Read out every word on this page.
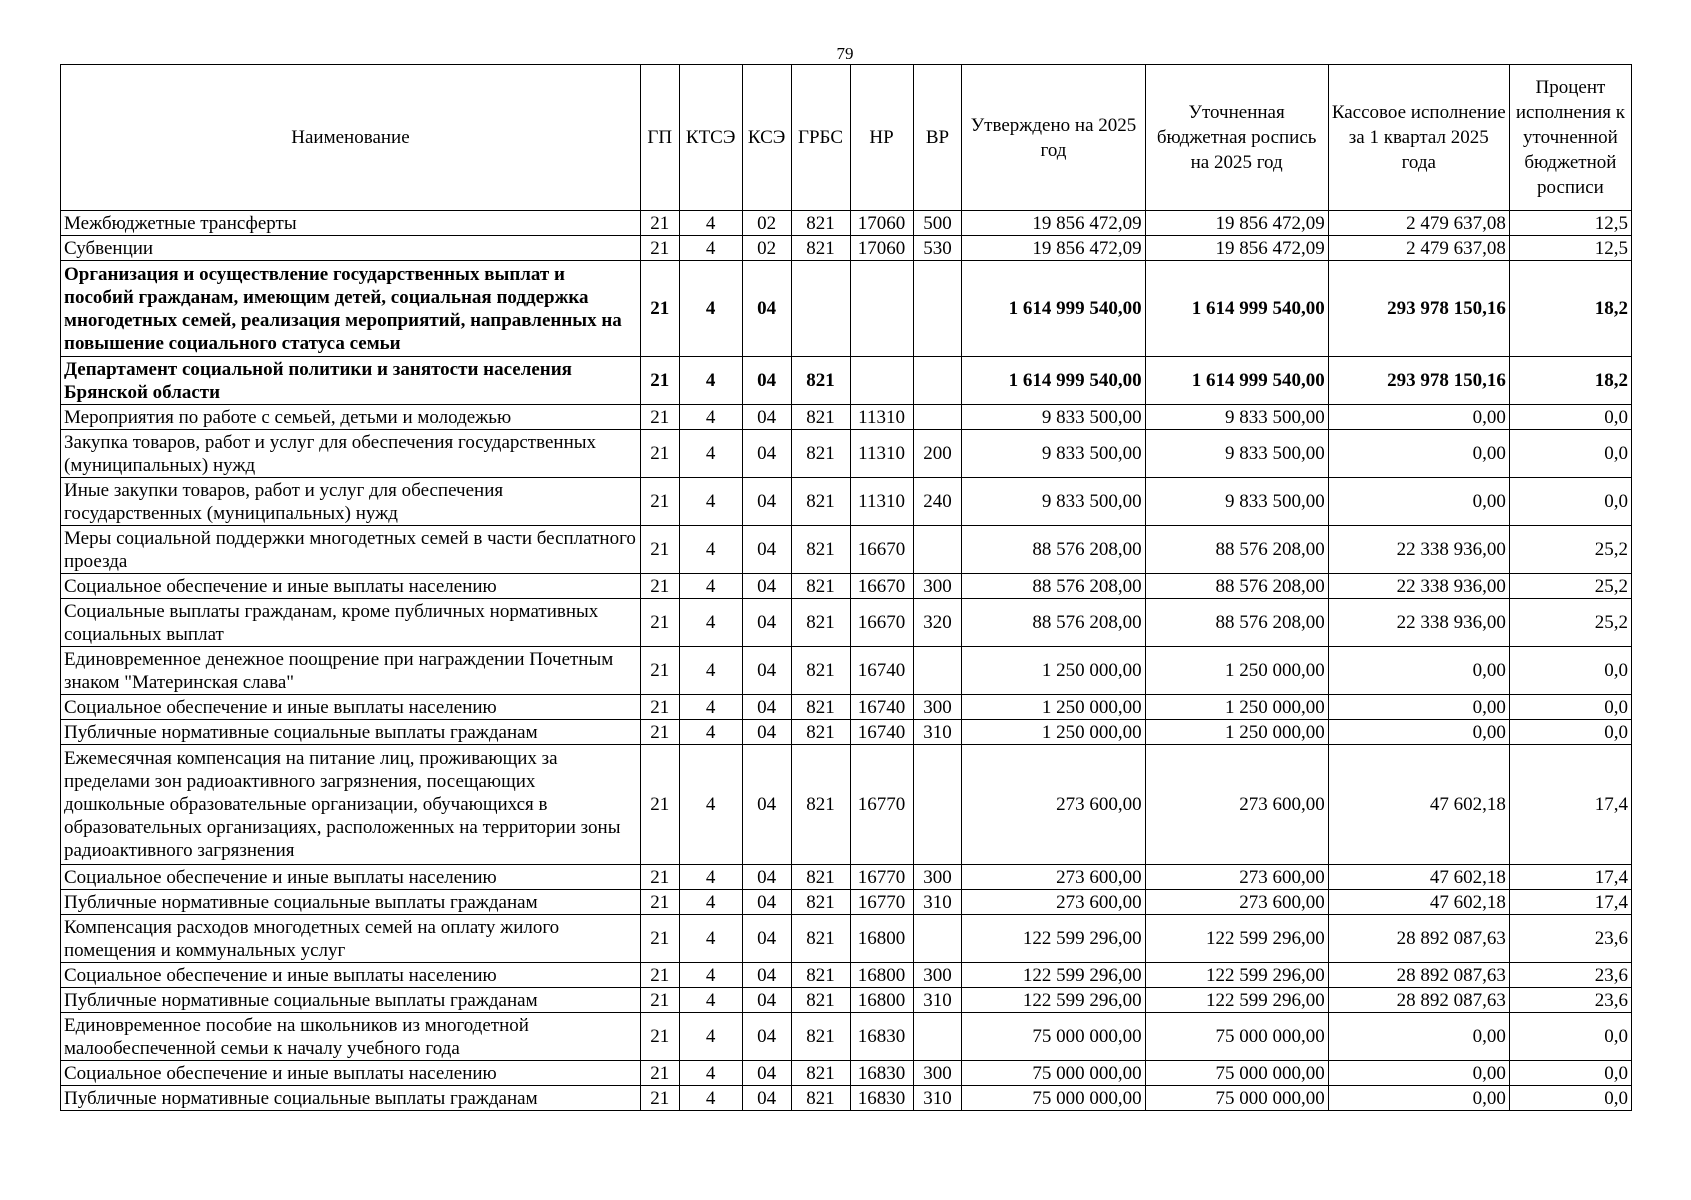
79
Наименование	ГП	КТСЭ	КСЭ	ГРБС	НР	ВР	Утверждено на 2025 год	Уточненная бюджетная роспись на 2025 год	Кассовое исполнение за 1 квартал 2025 года	Процент исполнения к уточненной бюджетной росписи
Межбюджетные трансферты	21	4	02	821	17060	500	19 856 472,09	19 856 472,09	2 479 637,08	12,5
Субвенции	21	4	02	821	17060	530	19 856 472,09	19 856 472,09	2 479 637,08	12,5
Организация и осуществление государственных выплат и пособий гражданам, имеющим детей, социальная поддержка многодетных семей, реализация мероприятий, направленных на повышение социального статуса семьи	21	4	04				1 614 999 540,00	1 614 999 540,00	293 978 150,16	18,2
Департамент социальной политики и занятости населения Брянской области	21	4	04	821			1 614 999 540,00	1 614 999 540,00	293 978 150,16	18,2
Мероприятия по работе с семьей, детьми и молодежью	21	4	04	821	11310		9 833 500,00	9 833 500,00	0,00	0,0
Закупка товаров, работ и услуг для обеспечения государственных (муниципальных) нужд	21	4	04	821	11310	200	9 833 500,00	9 833 500,00	0,00	0,0
Иные закупки товаров, работ и услуг для обеспечения государственных (муниципальных) нужд	21	4	04	821	11310	240	9 833 500,00	9 833 500,00	0,00	0,0
Меры социальной поддержки многодетных семей в части бесплатного проезда	21	4	04	821	16670		88 576 208,00	88 576 208,00	22 338 936,00	25,2
Социальное обеспечение и иные выплаты населению	21	4	04	821	16670	300	88 576 208,00	88 576 208,00	22 338 936,00	25,2
Социальные выплаты гражданам, кроме публичных нормативных социальных выплат	21	4	04	821	16670	320	88 576 208,00	88 576 208,00	22 338 936,00	25,2
Единовременное денежное поощрение при награждении Почетным знаком "Материнская слава"	21	4	04	821	16740		1 250 000,00	1 250 000,00	0,00	0,0
Социальное обеспечение и иные выплаты населению	21	4	04	821	16740	300	1 250 000,00	1 250 000,00	0,00	0,0
Публичные нормативные социальные выплаты гражданам	21	4	04	821	16740	310	1 250 000,00	1 250 000,00	0,00	0,0
Ежемесячная компенсация на питание лиц, проживающих за пределами зон радиоактивного загрязнения, посещающих дошкольные образовательные организации, обучающихся в образовательных организациях, расположенных на территории зоны радиоактивного загрязнения	21	4	04	821	16770		273 600,00	273 600,00	47 602,18	17,4
Социальное обеспечение и иные выплаты населению	21	4	04	821	16770	300	273 600,00	273 600,00	47 602,18	17,4
Публичные нормативные социальные выплаты гражданам	21	4	04	821	16770	310	273 600,00	273 600,00	47 602,18	17,4
Компенсация расходов многодетных семей на оплату жилого помещения и коммунальных услуг	21	4	04	821	16800		122 599 296,00	122 599 296,00	28 892 087,63	23,6
Социальное обеспечение и иные выплаты населению	21	4	04	821	16800	300	122 599 296,00	122 599 296,00	28 892 087,63	23,6
Публичные нормативные социальные выплаты гражданам	21	4	04	821	16800	310	122 599 296,00	122 599 296,00	28 892 087,63	23,6
Единовременное пособие на школьников из многодетной малообеспеченной семьи к началу учебного года	21	4	04	821	16830		75 000 000,00	75 000 000,00	0,00	0,0
Социальное обеспечение и иные выплаты населению	21	4	04	821	16830	300	75 000 000,00	75 000 000,00	0,00	0,0
Публичные нормативные социальные выплаты гражданам	21	4	04	821	16830	310	75 000 000,00	75 000 000,00	0,00	0,0
